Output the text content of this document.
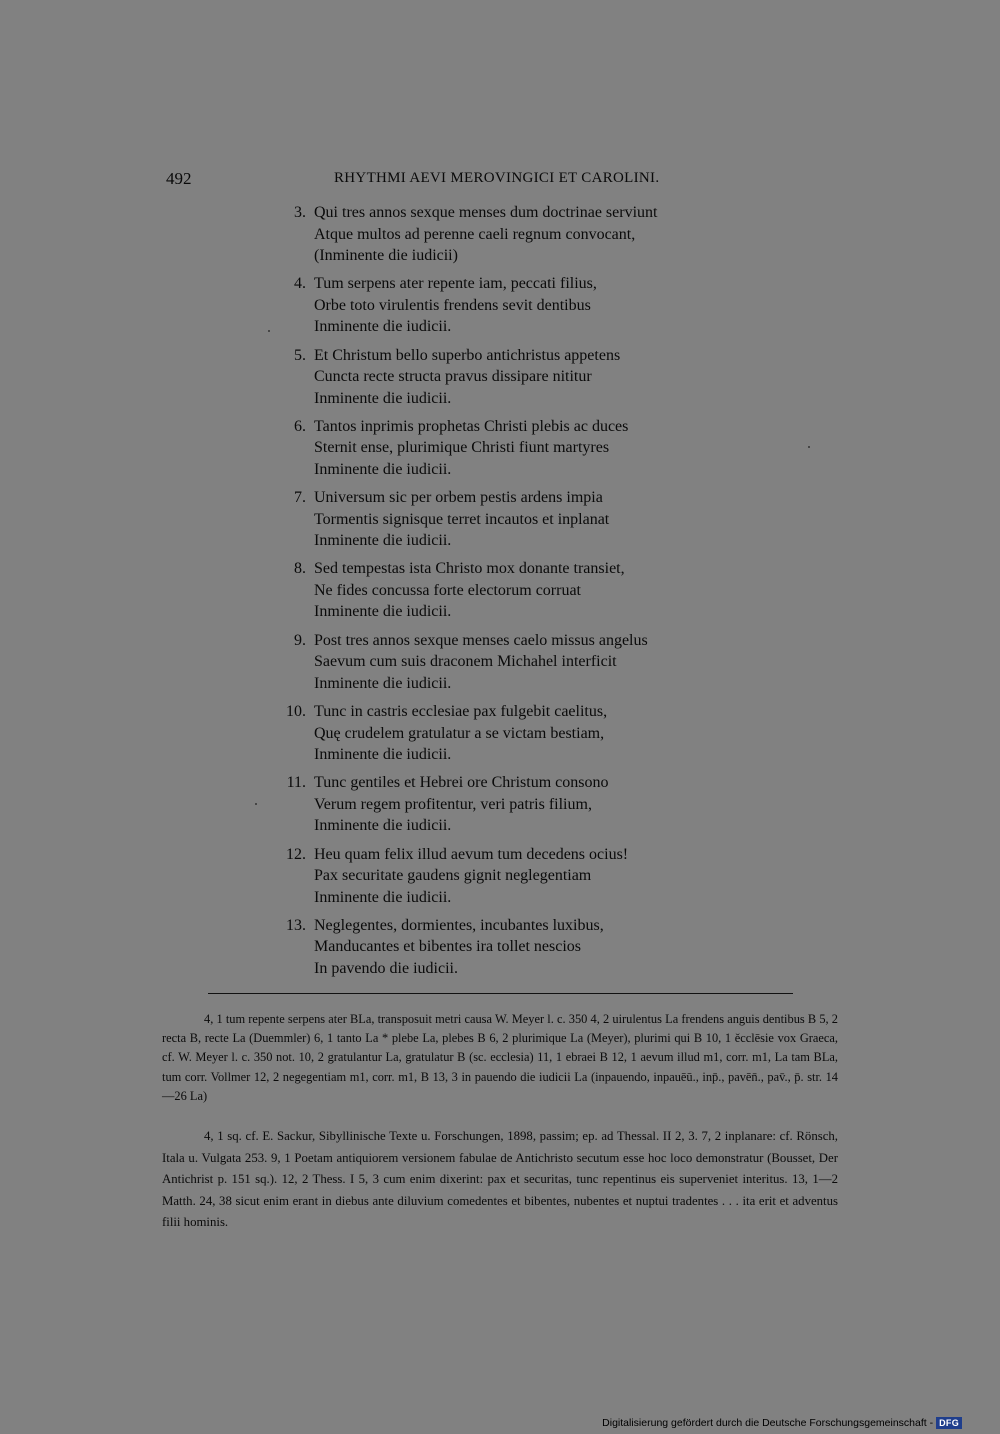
492	RHYTHMI AEVI MEROVINGICI ET CAROLINI.
3. Qui tres annos sexque menses dum doctrinae serviunt
Atque multos ad perenne caeli regnum convocant,
(Inminente die iudicii)
4. Tum serpens ater repente iam, peccati filius,
Orbe toto virulentis frendens sevit dentibus
Inminente die iudicii.
5. Et Christum bello superbo antichristus appetens
Cuncta recte structa pravus dissipare nititur
Inminente die iudicii.
6. Tantos inprimis prophetas Christi plebis ac duces
Sternit ense, plurimique Christi fiunt martyres
Inminente die iudicii.
7. Universum sic per orbem pestis ardens impia
Tormentis signisque terret incautos et inplanat
Inminente die iudicii.
8. Sed tempestas ista Christo mox donante transiet,
Ne fides concussa forte electorum corruat
Inminente die iudicii.
9. Post tres annos sexque menses caelo missus angelus
Saevum cum suis draconem Michahel interficit
Inminente die iudicii.
10. Tunc in castris ecclesiae pax fulgebit caelitus,
Quę crudelem gratulatur a se victam bestiam,
Inminente die iudicii.
11. Tunc gentiles et Hebrei ore Christum consono
Verum regem profitentur, veri patris filium,
Inminente die iudicii.
12. Heu quam felix illud aevum tum decedens ocius!
Pax securitate gaudens gignit neglegentiam
Inminente die iudicii.
13. Neglegentes, dormientes, incubantes luxibus,
Manducantes et bibentes ira tollet nescios
In pavendo die iudicii.

4, 1 tum repente serpens ater BLa, transposuit metri causa W. Meyer l. c. 350 4, 2 uirulentus La frendens anguis dentibus B 5, 2 recta B, recte La (Duemmler) 6, 1 tanto La * plebe La, plebes B 6, 2 plurimique La (Meyer), plurimi qui B 10, 1 ěcclēsie vox Graeca, cf. W. Meyer l. c. 350 not. 10, 2 gratulantur La, gratulatur B (sc. ecclesia) 11, 1 ebraei B 12, 1 aevum illud m1, corr. m1, La tam BLa, tum corr. Vollmer 12, 2 negegentiam m1, corr. m1, B 13, 3 in pauendo die iudicii La (inpauendo, inpauēū., inp̄., pavēn̄., pav̄., p̄. str. 14—26 La)

4, 1 sq. cf. E. Sackur, Sibyllinische Texte u. Forschungen, 1898, passim; ep. ad Thessal. II 2, 3. 7, 2 inplanare: cf. Rönsch, Itala u. Vulgata 253. 9, 1 Poetam antiquiorem versionem fabulae de Antichristo secutum esse hoc loco demonstratur (Bousset, Der Antichrist p. 151 sq.). 12, 2 Thess. I 5, 3 cum enim dixerint: pax et securitas, tunc repentinus eis superveniet interitus. 13, 1—2 Matth. 24, 38 sicut enim erant in diebus ante diluvium comedentes et bibentes, nubentes et nuptui tradentes . . . ita erit et adventus filii hominis.

Digitalisierung gefördert durch die Deutsche Forschungsgemeinschaft - DFG
